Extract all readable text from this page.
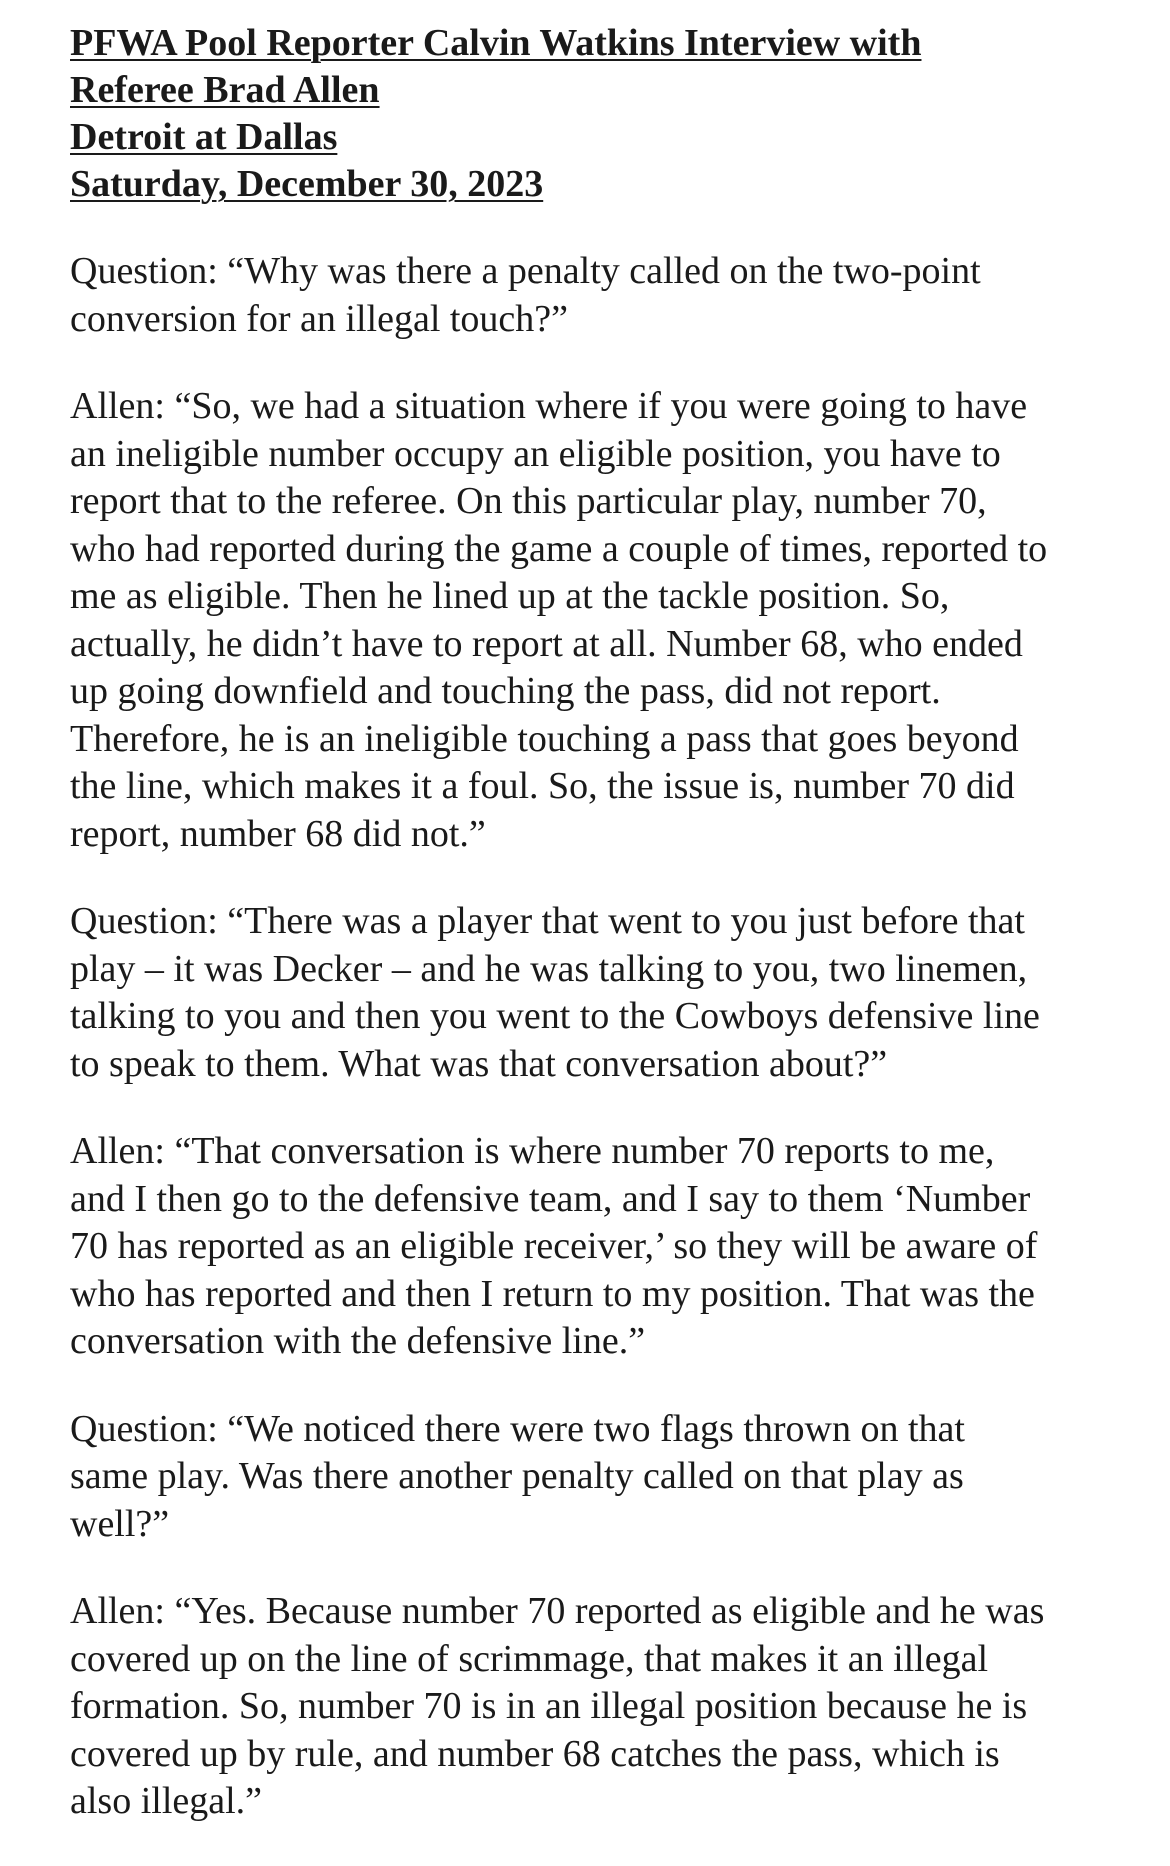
PFWA Pool Reporter Calvin Watkins Interview with

Referee Brad Allen

Detroit at Dallas

Saturday, December 30, 2023

Question: “Why was there a penalty called on the two-point
conversion for an illegal touch?”
Allen: “So, we had a situation where if you were going to have
an ineligible number occupy an eligible position, you have to
report that to the referee. On this particular play, number 70,
who had reported during the game a couple of times, reported to
me as eligible. Then he lined up at the tackle position. So,
actually, he didn’t have to report at all. Number 68, who ended
up going downfield and touching the pass, did not report.
Therefore, he is an ineligible touching a pass that goes beyond
the line, which makes it a foul. So, the issue is, number 70 did
report, number 68 did not.”
Question: “There was a player that went to you just before that
play – it was Decker – and he was talking to you, two linemen,
talking to you and then you went to the Cowboys defensive line
to speak to them. What was that conversation about?”
Allen: “That conversation is where number 70 reports to me,
and I then go to the defensive team, and I say to them ‘Number
70 has reported as an eligible receiver,’ so they will be aware of
who has reported and then I return to my position. That was the
conversation with the defensive line.”
Question: “We noticed there were two flags thrown on that
same play. Was there another penalty called on that play as
well?”
Allen: “Yes. Because number 70 reported as eligible and he was
covered up on the line of scrimmage, that makes it an illegal
formation. So, number 70 is in an illegal position because he is
covered up by rule, and number 68 catches the pass, which is
also illegal.”
